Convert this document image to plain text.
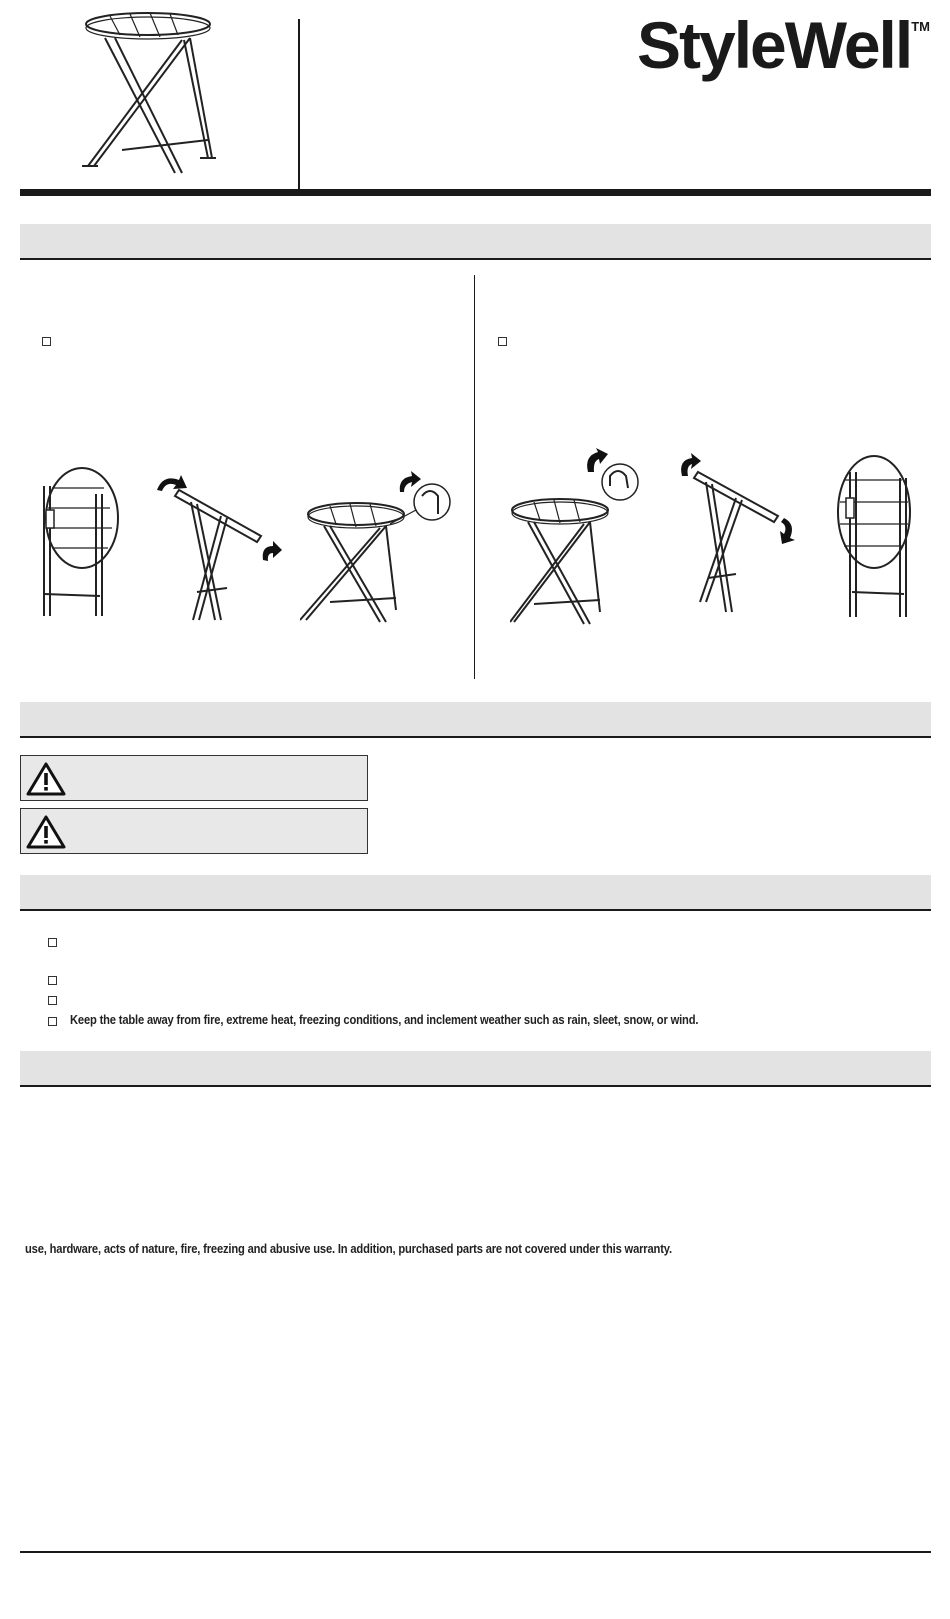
StyleWell™
Keep the table away from fire, extreme heat, freezing conditions, and inclement weather such as rain, sleet, snow, or wind.
use, hardware, acts of nature, fire, freezing and abusive use. In addition, purchased parts are not covered under this warranty.
